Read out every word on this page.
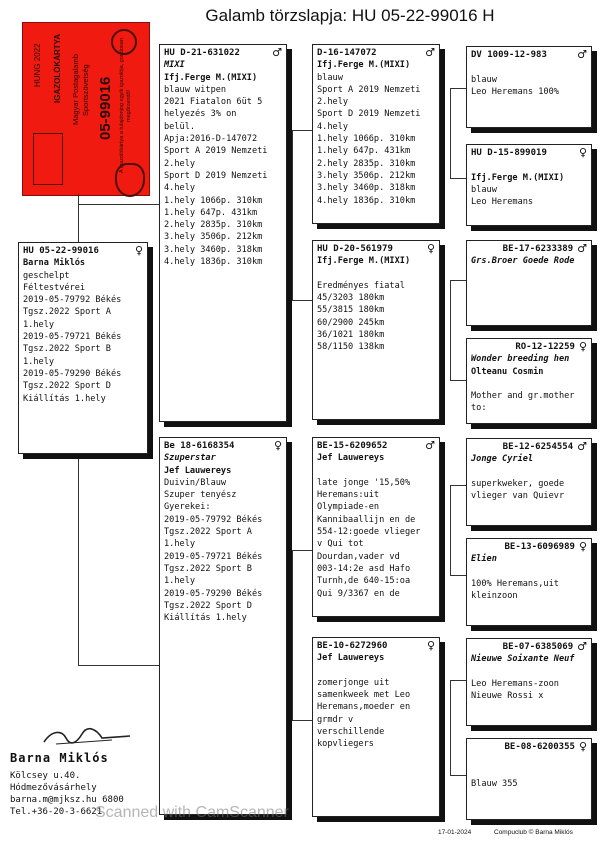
Galamb törzslapja: HU 05-22-99016 H
HUNG 2022 IGAZOLÓKÁRTYA Magyar Postagalamb Sportszövetség 05-99016 A igazolókártya a tulajdonjog egyik igazolója, gondosan megőrzendő!
HU 05-22-99016	♀
Barna Miklós
geschelpt
Féltestvérei
2019-05-79792 Békés
Tgsz.2022 Sport A
1.hely
2019-05-79721 Békés
Tgsz.2022 Sport B
1.hely
2019-05-79290 Békés
Tgsz.2022 Sport D
Kiállítás 1.hely
HU D-21-631022	♂
MIXI
Ifj.Ferge M.(MIXI)
blauw witpen
2021 Fiatalon 6üt 5
helyezés 3% on
belül.
Apja:2016-D-147072
Sport A 2019 Nemzeti
2.hely
Sport D 2019 Nemzeti
4.hely
1.hely 1066p. 310km
1.hely 647p. 431km
2.hely 2835p. 310km
3.hely 3506p. 212km
3.hely 3460p. 318km
4.hely 1836p. 310km
Be 18-6168354	♀
Szuperstar
Jef Lauwereys
Duivin/Blauw
Szuper tenyész
Gyerekei:
2019-05-79792 Békés
Tgsz.2022 Sport A
1.hely
2019-05-79721 Békés
Tgsz.2022 Sport B
1.hely
2019-05-79290 Békés
Tgsz.2022 Sport D
Kiállítás 1.hely
D-16-147072	♂
Ifj.Ferge M.(MIXI)
blauw
Sport A 2019 Nemzeti
2.hely
Sport D 2019 Nemzeti
4.hely
1.hely 1066p. 310km
1.hely 647p. 431km
2.hely 2835p. 310km
3.hely 3506p. 212km
3.hely 3460p. 318km
4.hely 1836p. 310km
HU D-20-561979	♀
Ifj.Ferge M.(MIXI)

Eredményes fiatal
45/3203 180km
55/3815 180km
60/2900 245km
36/1021 180km
58/1150 138km
BE-15-6209652	♂
Jef Lauwereys

late jonge '15,50%
Heremans:uit
Olympiade-en
Kannibaallijn en de
554-12:goede vlieger
v Qui tot
Dourdan,vader vd
003-14:2e asd Hafo
Turnh,de 640-15:oa
Qui 9/3367 en de
BE-10-6272960	♀
Jef Lauwereys

zomerjonge uit
samenkweek met Leo
Heremans,moeder en
grmdr v
verschillende
kopvliegers
DV 1009-12-983	♂

blauw
Leo Heremans 100%
HU D-15-899019	♀

Ifj.Ferge M.(MIXI)
blauw
Leo Heremans
BE-17-6233389 ♂
Grs.Broer Goede Rode
RO-12-12259 ♀
Wonder breeding hen
Olteanu Cosmin

Mother and gr.mother
to:
BE-12-6254554 ♂
Jonge Cyriel

superkweker, goede
vlieger van Quievr
BE-13-6096989 ♀
Elien

100% Heremans,uit
kleinzoon
BE-07-6385069 ♂
Nieuwe Soixante Neuf

Leo Heremans-zoon
Nieuwe Rossi x
BE-08-6200355 ♀

Blauw 355
Barna Miklós
Kölcsey u.40.
Hódmezővásárhely
barna.m@mjksz.hu 6800
Tel.+36-20-3-6621
Scanned with CamScanner
17-01-2024	Compuclub © Barna Miklós
